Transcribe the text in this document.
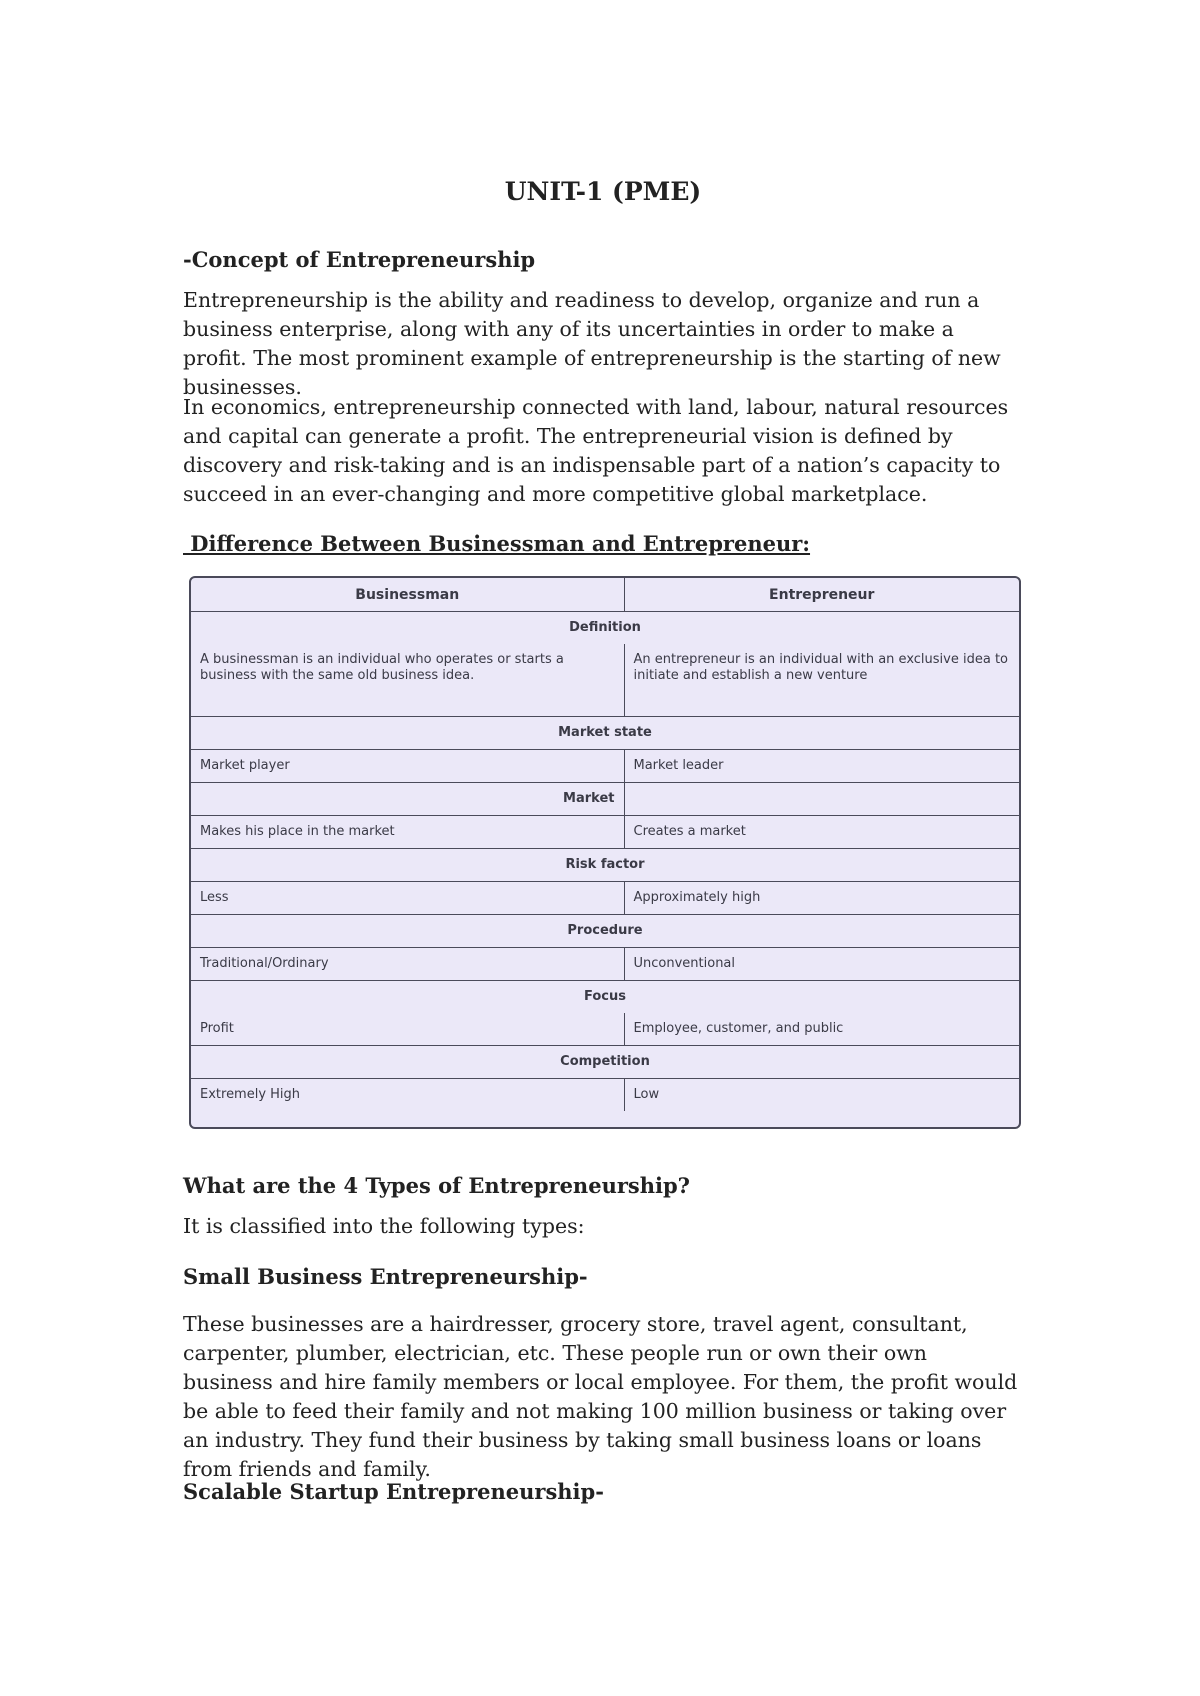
UNIT-1 (PME)

-Concept of Entrepreneurship

Entrepreneurship is the ability and readiness to develop, organize and run a business enterprise, along with any of its uncertainties in order to make a profit. The most prominent example of entrepreneurship is the starting of new businesses.

In economics, entrepreneurship connected with land, labour, natural resources and capital can generate a profit. The entrepreneurial vision is defined by discovery and risk-taking and is an indispensable part of a nation’s capacity to succeed in an ever-changing and more competitive global marketplace.

Difference Between Businessman and Entrepreneur:

Businessman	Entrepreneur
Definition	
A businessman is an individual who operates or starts a business with the same old business idea.	An entrepreneur is an individual with an exclusive idea to initiate and establish a new venture
Market state	
Market player	Market leader
Market	
Makes his place in the market	Creates a market
Risk factor	
Less	Approximately high
Procedure	
Traditional/Ordinary	Unconventional
Focus	
Profit	Employee, customer, and public
Competition	
Extremely High	Low

What are the 4 Types of Entrepreneurship?

It is classified into the following types:

Small Business Entrepreneurship-

These businesses are a hairdresser, grocery store, travel agent, consultant, carpenter, plumber, electrician, etc. These people run or own their own business and hire family members or local employee. For them, the profit would be able to feed their family and not making 100 million business or taking over an industry. They fund their business by taking small business loans or loans from friends and family.

Scalable Startup Entrepreneurship-
